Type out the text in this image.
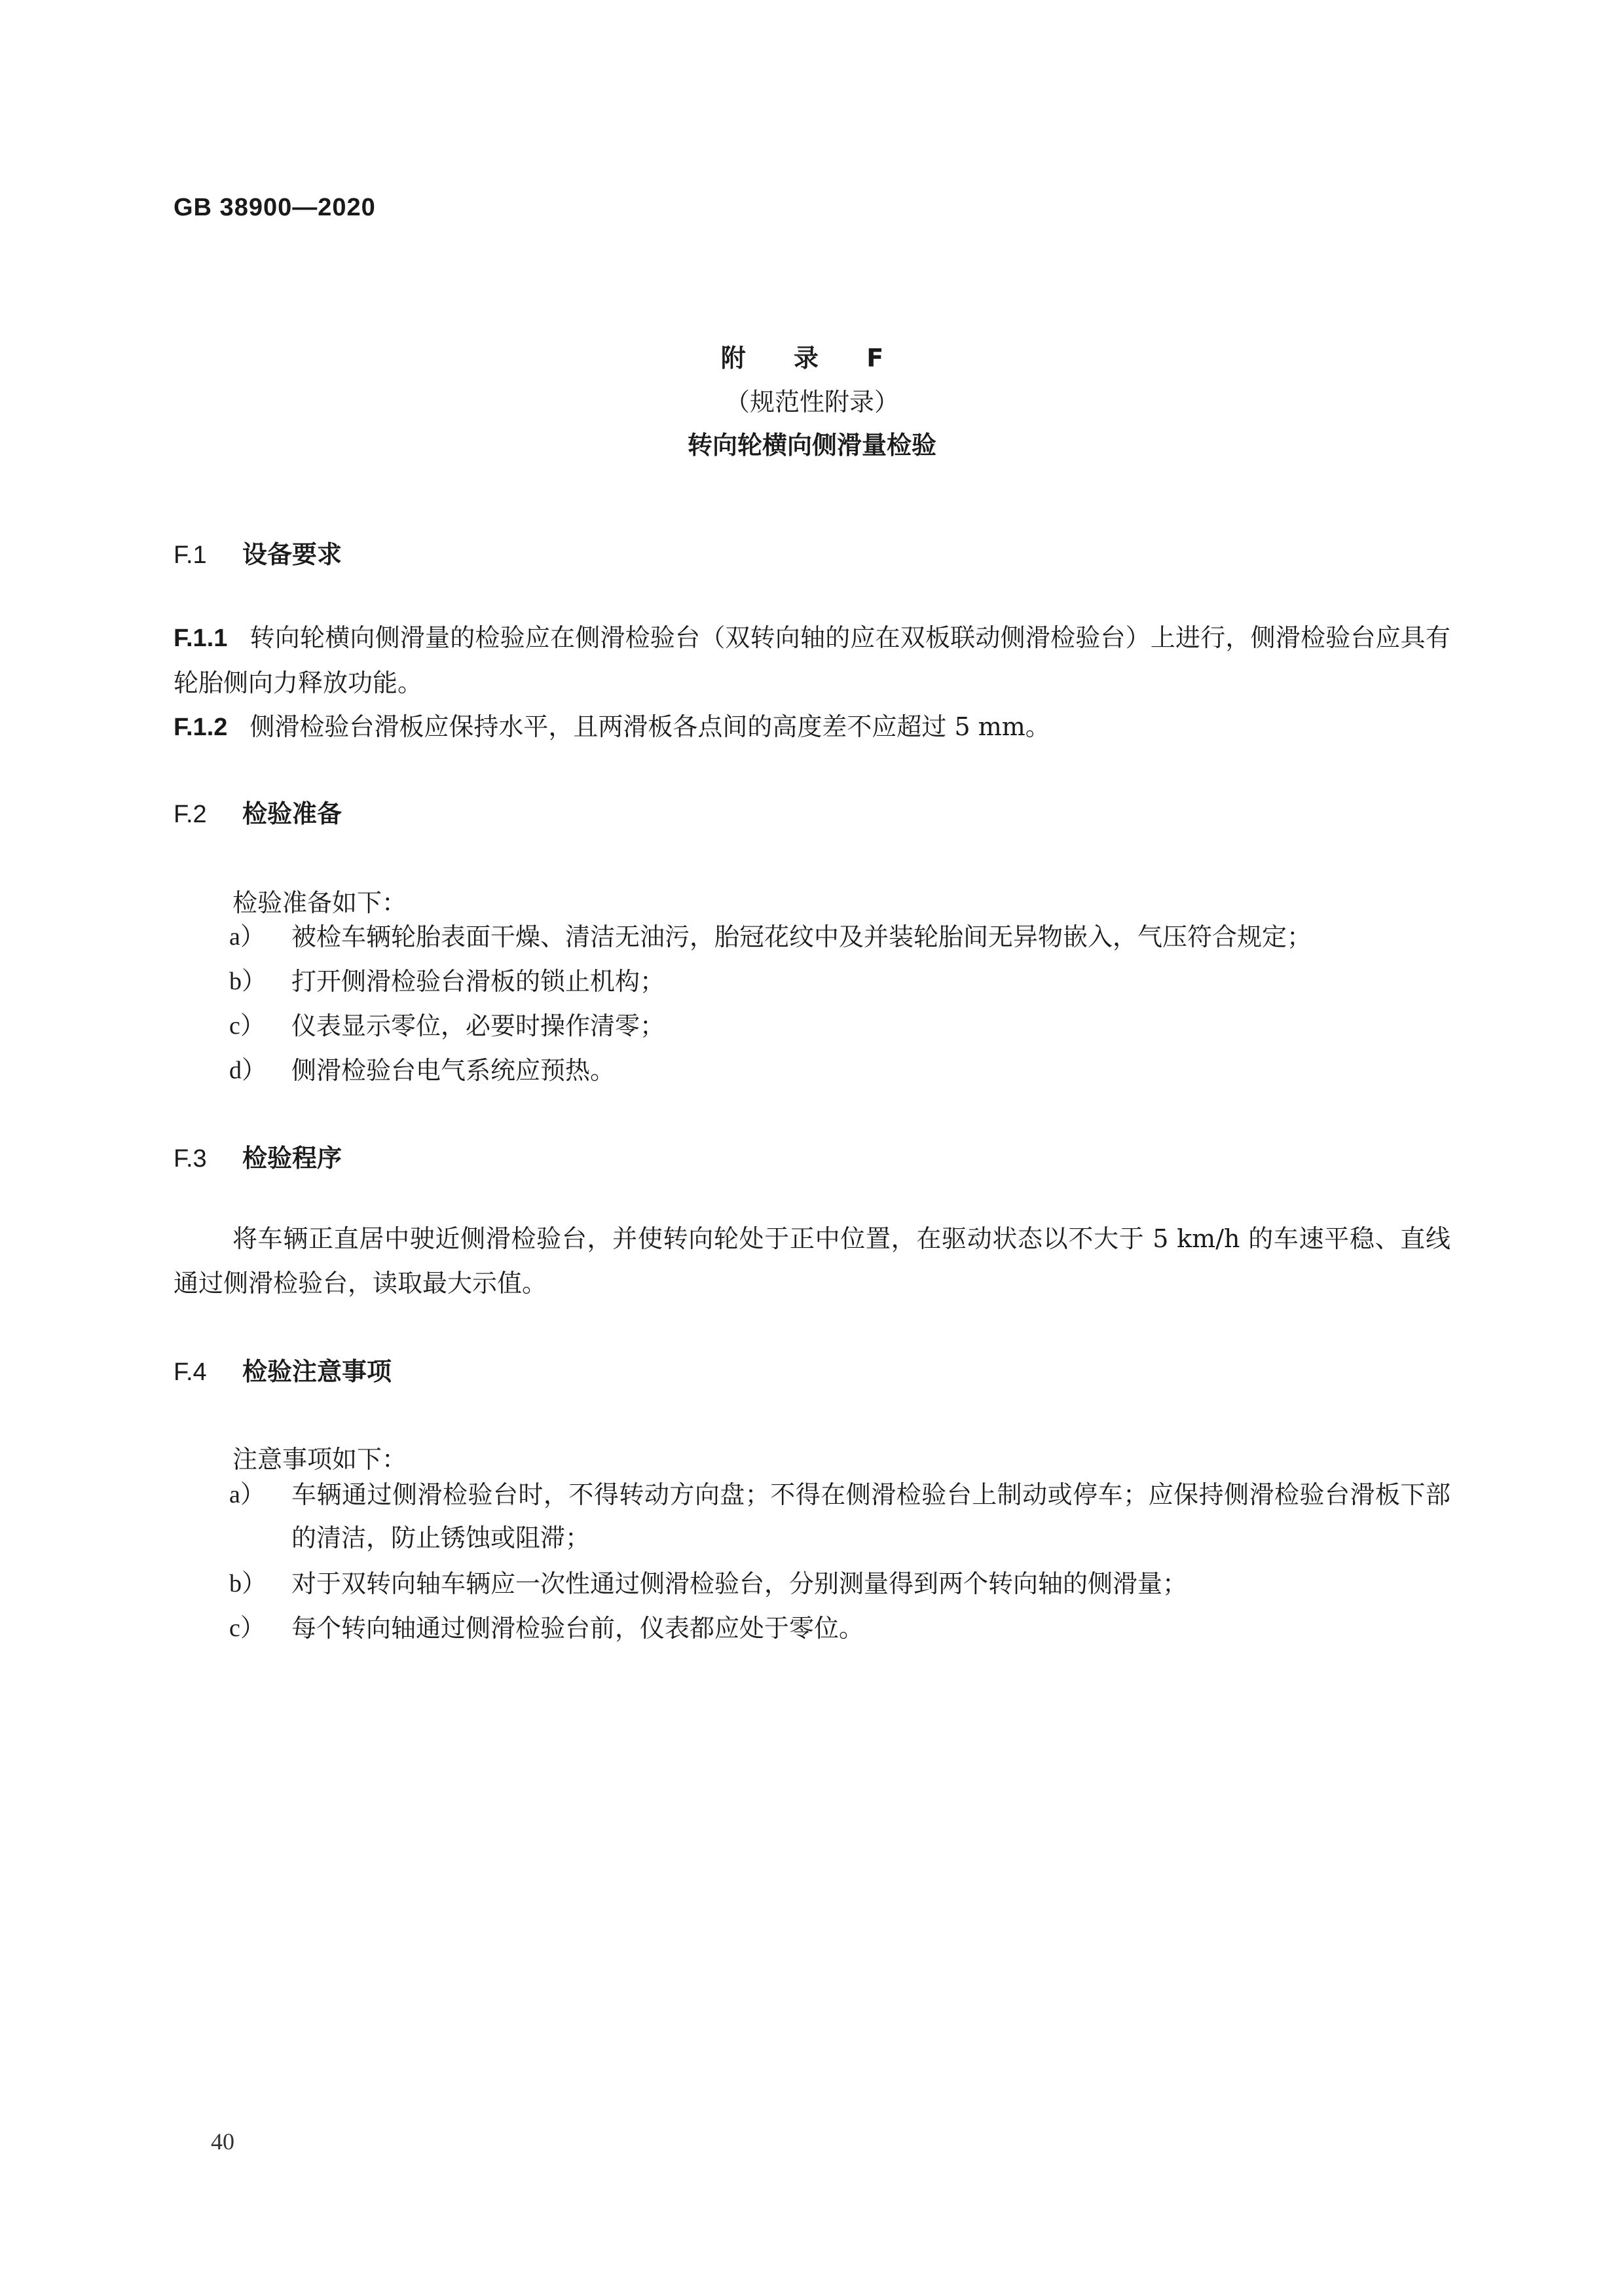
GB 38900—2020
附 录 F
（规范性附录）
转向轮横向侧滑量检验
F.1 设备要求
F.1.1 转向轮横向侧滑量的检验应在侧滑检验台（双转向轴的应在双板联动侧滑检验台）上进行，侧滑检验台应具有轮胎侧向力释放功能。
F.1.2 侧滑检验台滑板应保持水平，且两滑板各点间的高度差不应超过 5 mm。
F.2 检验准备
检验准备如下：
a） 被检车辆轮胎表面干燥、清洁无油污，胎冠花纹中及并装轮胎间无异物嵌入，气压符合规定；
b） 打开侧滑检验台滑板的锁止机构；
c） 仪表显示零位，必要时操作清零；
d） 侧滑检验台电气系统应预热。
F.3 检验程序
将车辆正直居中驶近侧滑检验台，并使转向轮处于正中位置，在驱动状态以不大于 5 km/h 的车速平稳、直线通过侧滑检验台，读取最大示值。
F.4 检验注意事项
注意事项如下：
a） 车辆通过侧滑检验台时，不得转动方向盘；不得在侧滑检验台上制动或停车；应保持侧滑检验台滑板下部的清洁，防止锈蚀或阻滞；
b） 对于双转向轴车辆应一次性通过侧滑检验台，分别测量得到两个转向轴的侧滑量；
c） 每个转向轴通过侧滑检验台前，仪表都应处于零位。
40
